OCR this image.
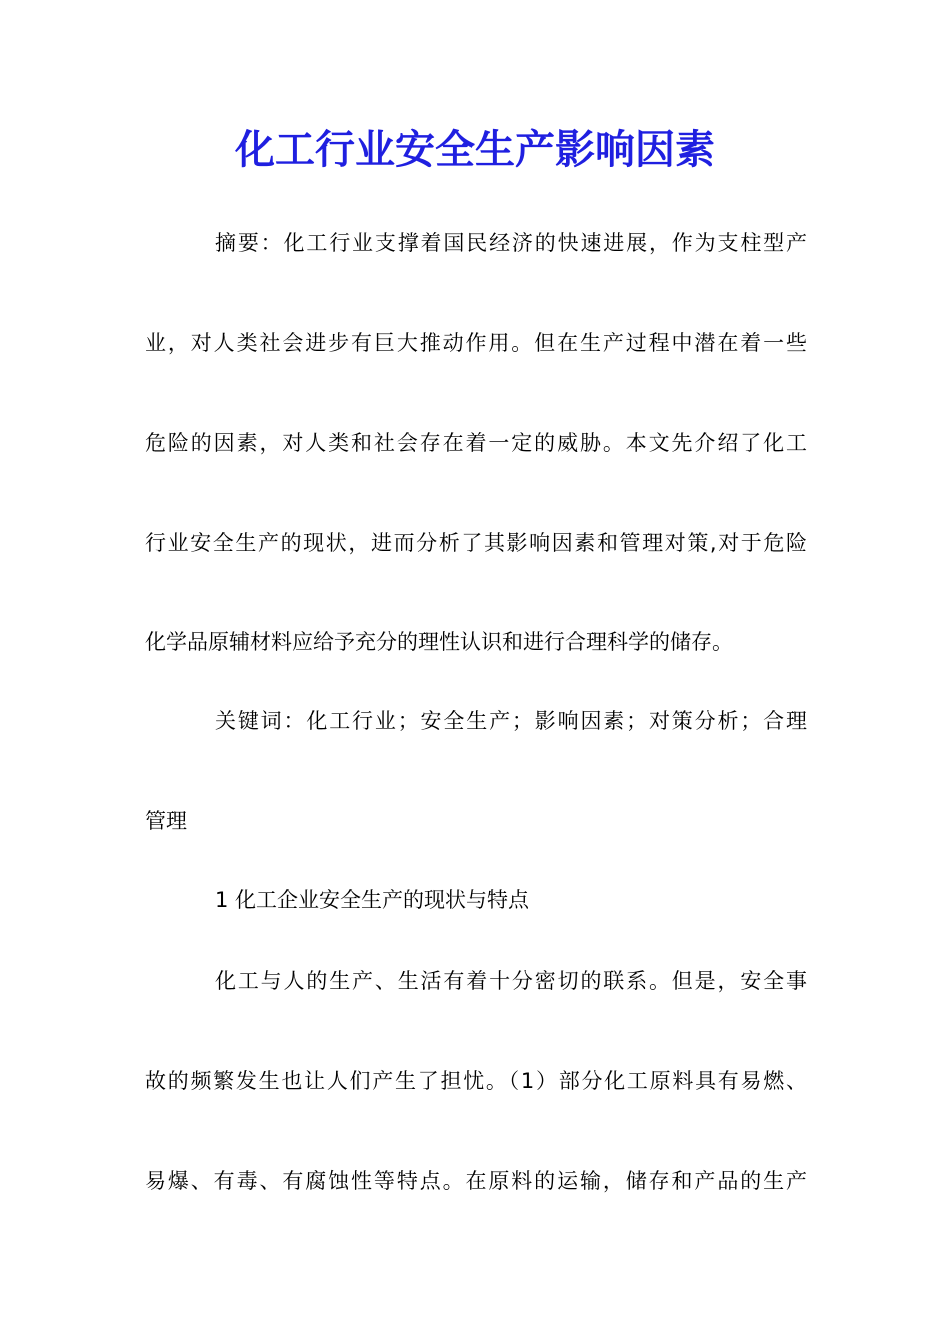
化工行业安全生产影响因素
摘要：化工行业支撑着国民经济的快速进展，作为支柱型产
业，对人类社会进步有巨大推动作用。但在生产过程中潜在着一些
危险的因素，对人类和社会存在着一定的威胁。本文先介绍了化工
行业安全生产的现状，进而分析了其影响因素和管理对策,对于危险
化学品原辅材料应给予充分的理性认识和进行合理科学的储存。
关键词：化工行业；安全生产；影响因素；对策分析；合理
管理
1 化工企业安全生产的现状与特点
化工与人的生产、生活有着十分密切的联系。但是，安全事
故的频繁发生也让人们产生了担忧。（1）部分化工原料具有易燃、
易爆、有毒、有腐蚀性等特点。在原料的运输，储存和产品的生产
